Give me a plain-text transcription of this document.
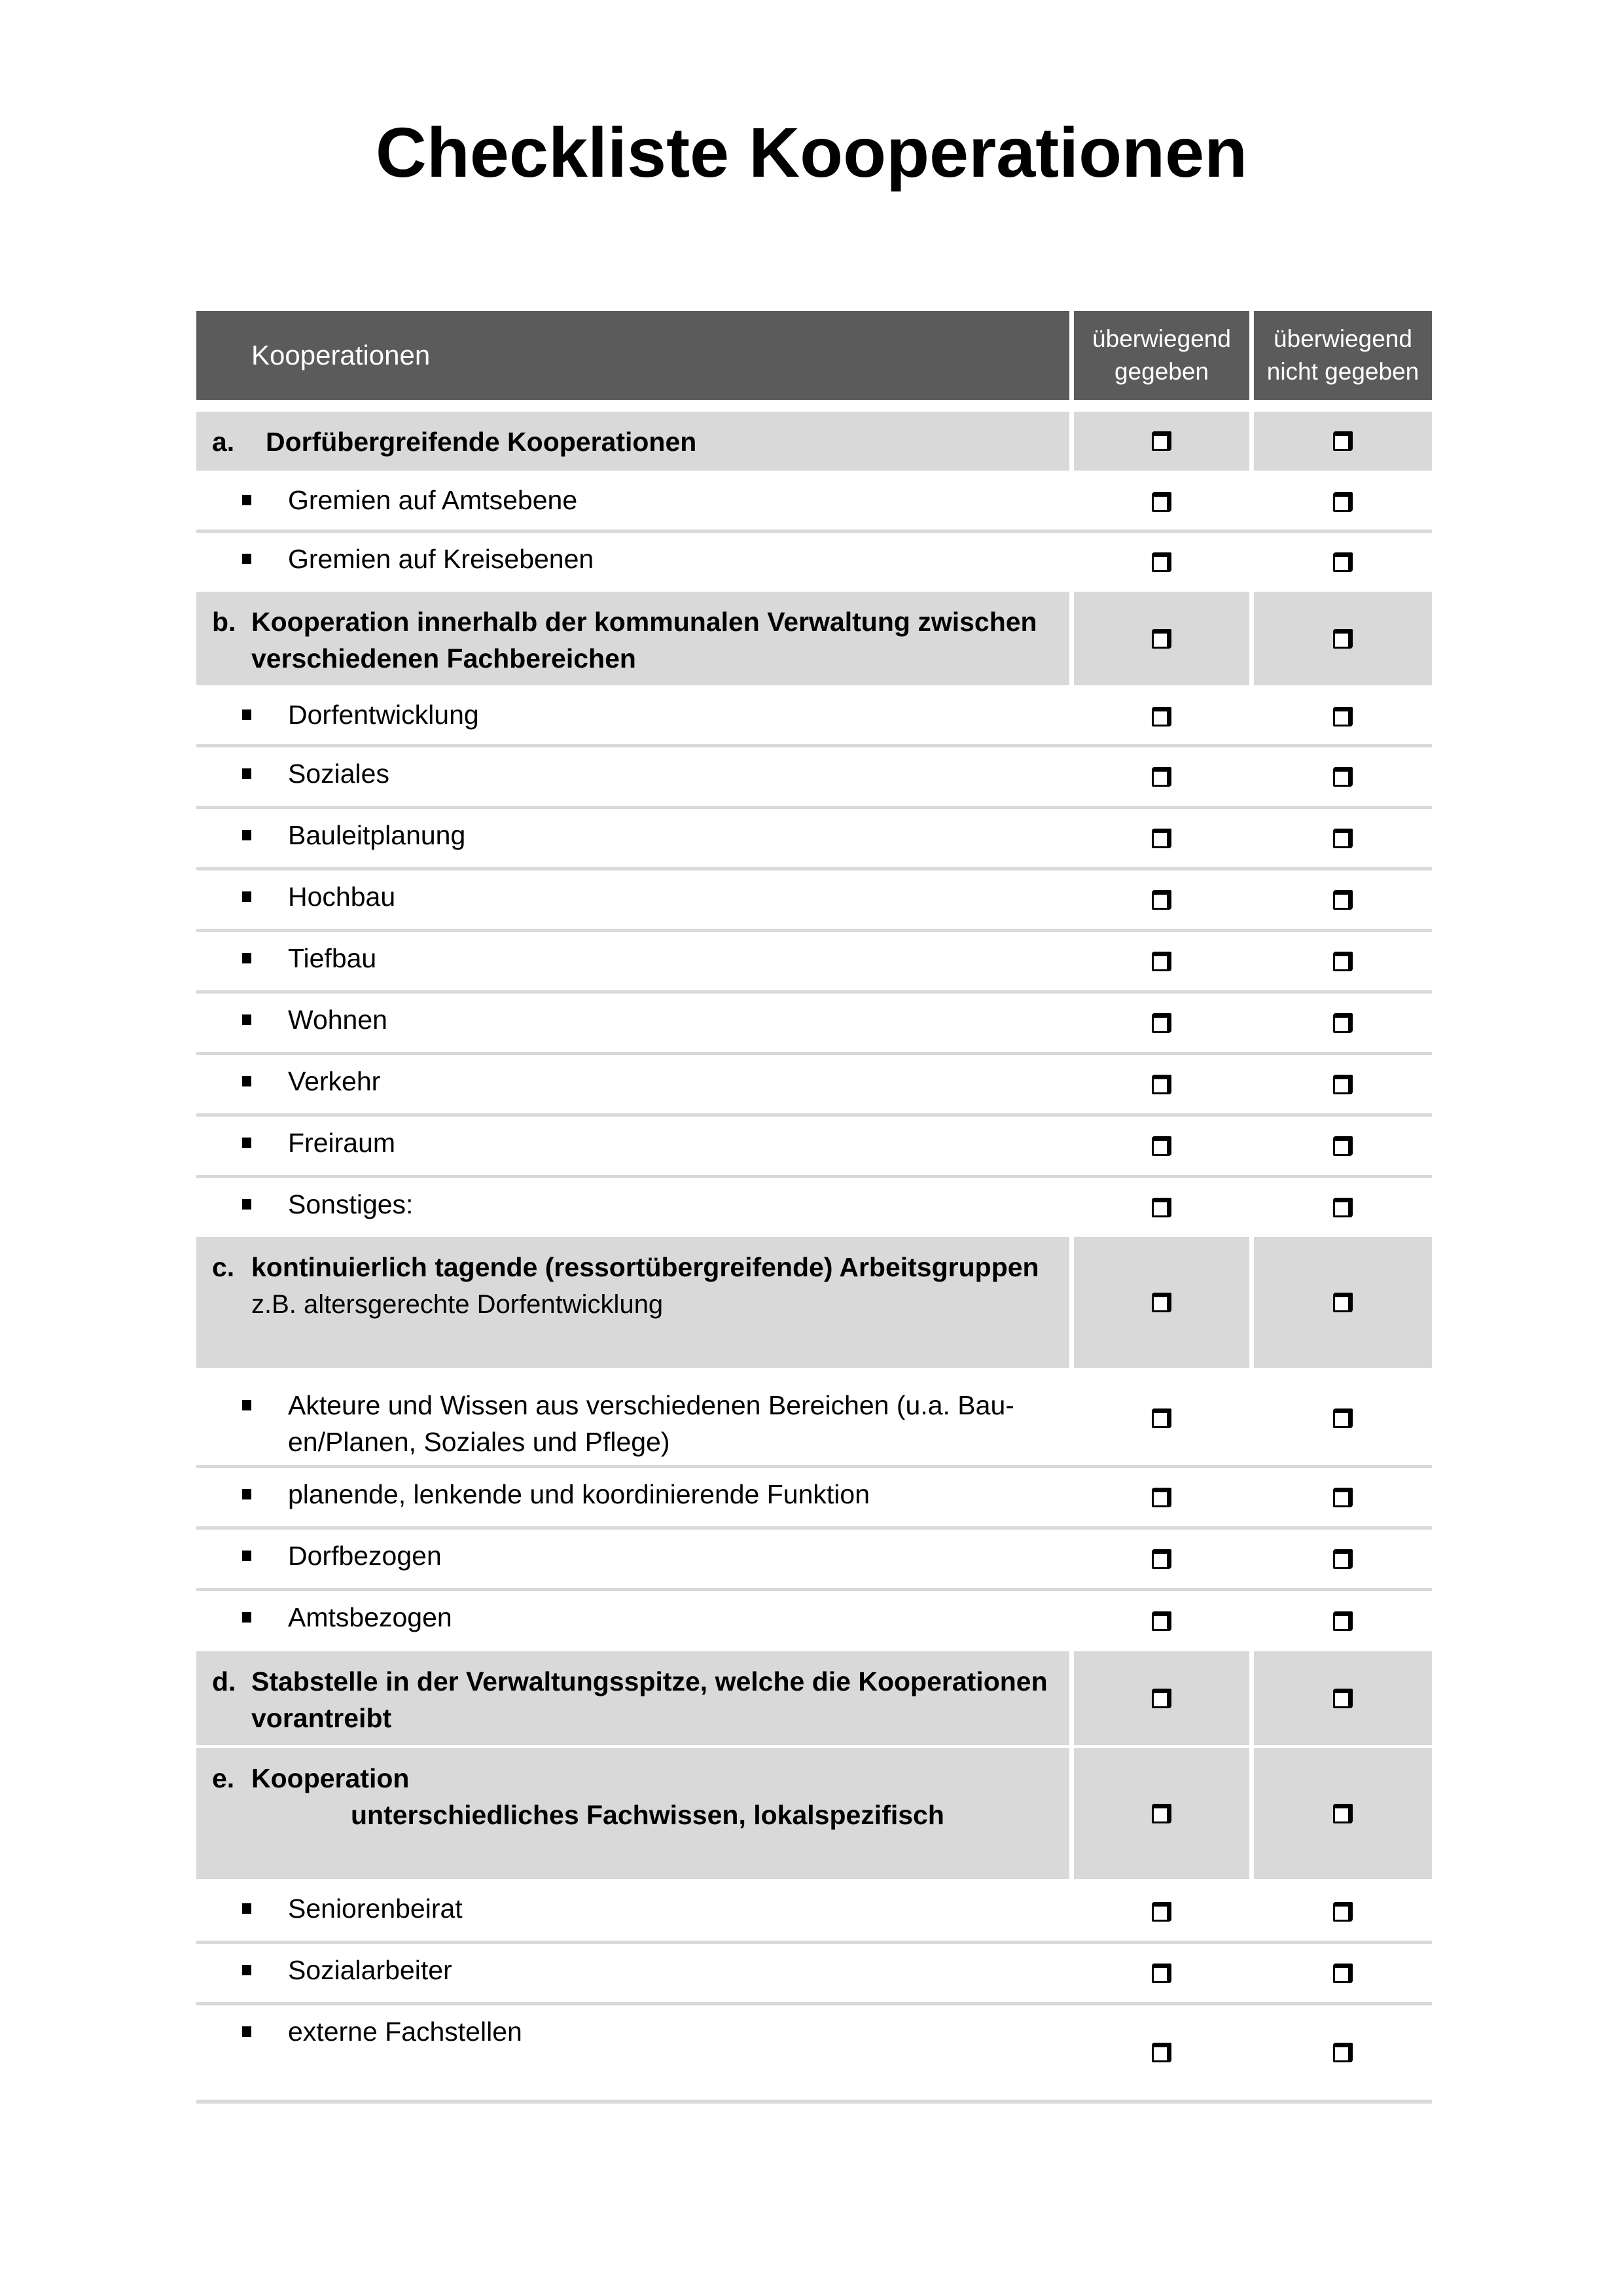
Checkliste Kooperationen
Kooperationen
überwiegend
gegeben
überwiegend
nicht gegeben
a. Dorfübergreifende Kooperationen
Gremien auf Amtsebene
Gremien auf Kreisebenen
b. Kooperation innerhalb der kommunalen Verwaltung zwischen
verschiedenen Fachbereichen
Dorfentwicklung
Soziales
Bauleitplanung
Hochbau
Tiefbau
Wohnen
Verkehr
Freiraum
Sonstiges:
c. kontinuierlich tagende (ressortübergreifende) Arbeitsgruppen
z.B. altersgerechte Dorfentwicklung
Akteure und Wissen aus verschiedenen Bereichen (u.a. Bau-en/Planen, Soziales und Pflege)
planende, lenkende und koordinierende Funktion
Dorfbezogen
Amtsbezogen
d. Stabstelle in der Verwaltungsspitze, welche die Kooperationen
vorantreibt
e. Kooperation
unterschiedliches Fachwissen, lokalspezifisch
Seniorenbeirat
Sozialarbeiter
externe Fachstellen
